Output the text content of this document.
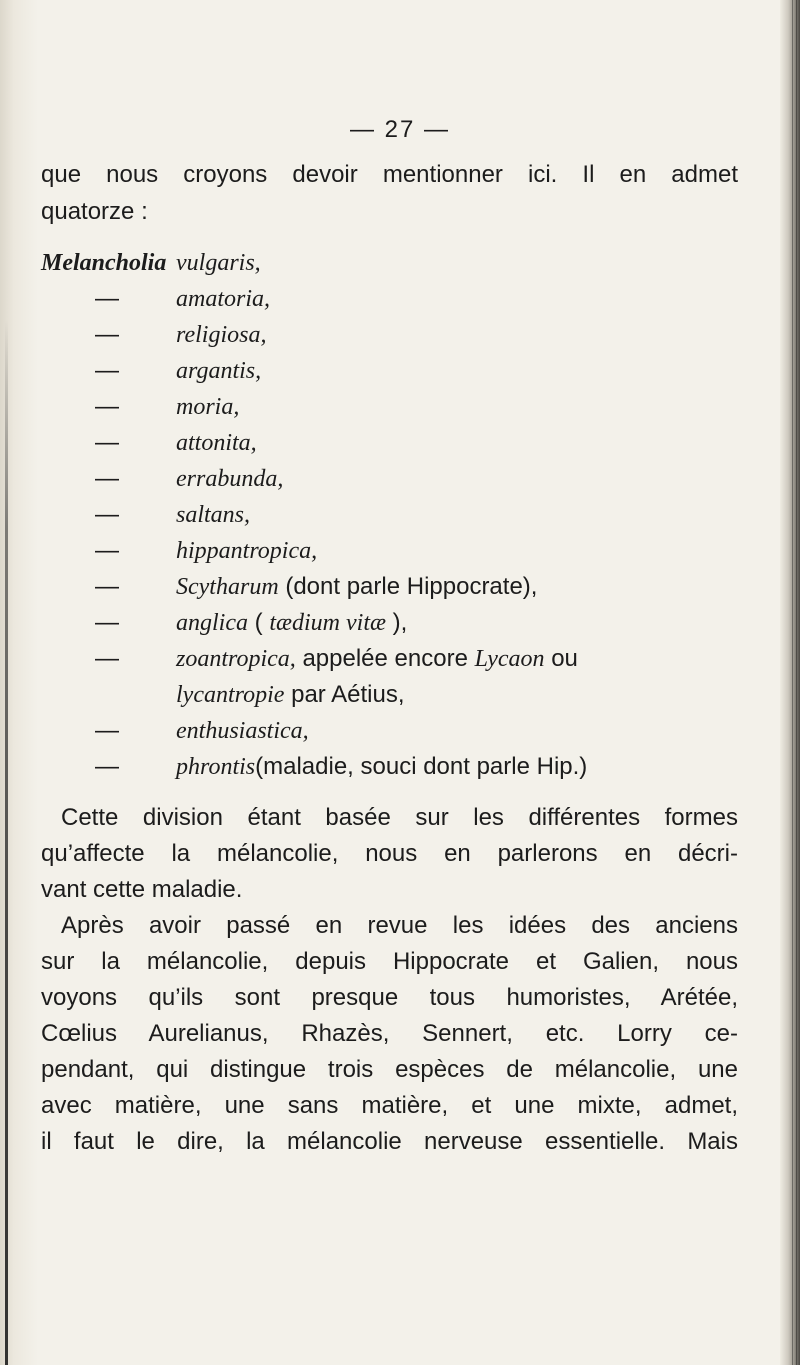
— 27 —
que nous croyons devoir mentionner ici. Il en admet
quatorze :
Melancholia vulgaris,
— amatoria,
— religiosa,
— argantis,
— moria,
— attonita,
— errabunda,
— saltans,
— hippantropica,
— Scytharum (dont parle Hippocrate),
— anglica ( tædium vitæ ),
— zoantropica, appelée encore Lycaon ou
lycantropie par Aétius,
— enthusiastica,
— phrontis(maladie, souci dont parle Hip.)
Cette division étant basée sur les différentes formes
qu’affecte la mélancolie, nous en parlerons en décri-
vant cette maladie.
Après avoir passé en revue les idées des anciens
sur la mélancolie, depuis Hippocrate et Galien, nous
voyons qu’ils sont presque tous humoristes, Arétée,
Cœlius Aurelianus, Rhazès, Sennert, etc. Lorry ce-
pendant, qui distingue trois espèces de mélancolie, une
avec matière, une sans matière, et une mixte, admet,
il faut le dire, la mélancolie nerveuse essentielle. Mais
